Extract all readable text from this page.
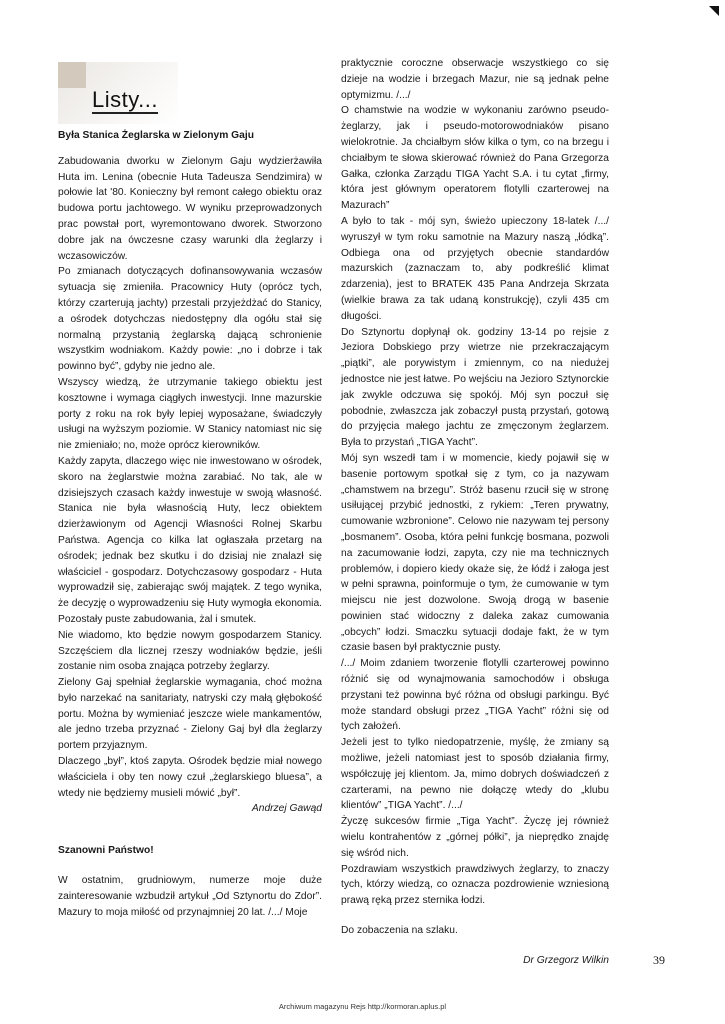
Listy...

Była Stanica Żeglarska w Zielonym Gaju

Zabudowania dworku w Zielonym Gaju wydzierżawiła Huta im. Lenina (obecnie Huta Tadeusza Sendzimira) w połowie lat '80. Konieczny był remont całego obiektu oraz budowa portu jachtowego. W wyniku przeprowadzonych prac powstał port, wyremontowano dworek. Stworzono dobre jak na ówczesne czasy warunki dla żeglarzy i wczasowiczów.

Po zmianach dotyczących dofinansowywania wczasów sytuacja się zmieniła. Pracownicy Huty (oprócz tych, którzy czarterują jachty) przestali przyjeżdżać do Stanicy, a ośrodek dotychczas niedostępny dla ogółu stał się normalną przystanią żeglarską dającą schronienie wszystkim wodniakom. Każdy powie: „no i dobrze i tak powinno być”, gdyby nie jedno ale.

Wszyscy wiedzą, że utrzymanie takiego obiektu jest kosztowne i wymaga ciągłych inwestycji. Inne mazurskie porty z roku na rok były lepiej wyposażane, świadczyły usługi na wyższym poziomie. W Stanicy natomiast nic się nie zmieniało; no, może oprócz kierowników.

Każdy zapyta, dlaczego więc nie inwestowano w ośrodek, skoro na żeglarstwie można zarabiać. No tak, ale w dzisiejszych czasach każdy inwestuje w swoją własność. Stanica nie była własnością Huty, lecz obiektem dzierżawionym od Agencji Własności Rolnej Skarbu Państwa. Agencja co kilka lat ogłaszała przetarg na ośrodek; jednak bez skutku i do dzisiaj nie znalazł się właściciel - gospodarz. Dotychczasowy gospodarz - Huta wyprowadził się, zabierając swój majątek. Z tego wynika, że decyzję o wyprowadzeniu się Huty wymogła ekonomia. Pozostały puste zabudowania, żal i smutek.

Nie wiadomo, kto będzie nowym gospodarzem Stanicy. Szczęściem dla licznej rzeszy wodniaków będzie, jeśli zostanie nim osoba znająca potrzeby żeglarzy.

Zielony Gaj spełniał żeglarskie wymagania, choć można było narzekać na sanitariaty, natryski czy małą głębokość portu. Można by wymieniać jeszcze wiele mankamentów, ale jedno trzeba przyznać - Zielony Gaj był dla żeglarzy portem przyjaznym.

Dlaczego „był”, ktoś zapyta. Ośrodek będzie miał nowego właściciela i oby ten nowy czuł „żeglarskiego bluesa”, a wtedy nie będziemy musieli mówić „był”.

Andrzej Gawąd

Szanowni Państwo!

W ostatnim, grudniowym, numerze moje duże zainteresowanie wzbudził artykuł „Od Sztynortu do Zdor”. Mazury to moja miłość od przynajmniej 20 lat. /.../ Moje

praktycznie coroczne obserwacje wszystkiego co się dzieje na wodzie i brzegach Mazur, nie są jednak pełne optymizmu. /.../

O chamstwie na wodzie w wykonaniu zarówno pseudo-żeglarzy, jak i pseudo-motorowodniaków pisano wielokrotnie. Ja chciałbym słów kilka o tym, co na brzegu i chciałbym te słowa skierować również do Pana Grzegorza Gałka, członka Zarządu TIGA Yacht S.A. i tu cytat „firmy, która jest głównym operatorem flotylli czarterowej na Mazurach”

A było to tak - mój syn, świeżo upieczony 18-latek /.../ wyruszył w tym roku samotnie na Mazury naszą „łódką”. Odbiega ona od przyjętych obecnie standardów mazurskich (zaznaczam to, aby podkreślić klimat zdarzenia), jest to BRATEK 435 Pana Andrzeja Skrzata (wielkie brawa za tak udaną konstrukcję), czyli 435 cm długości.

Do Sztynortu dopłynął ok. godziny 13-14 po rejsie z Jeziora Dobskiego przy wietrze nie przekraczającym „piątki”, ale porywistym i zmiennym, co na niedużej jednostce nie jest łatwe. Po wejściu na Jezioro Sztynorckie jak zwykle odczuwa się spokój. Mój syn poczuł się pobodnie, zwłaszcza jak zobaczył pustą przystań, gotową do przyjęcia małego jachtu ze zmęczonym żeglarzem. Była to przystań „TIGA Yacht”.

Mój syn wszedł tam i w momencie, kiedy pojawił się w basenie portowym spotkał się z tym, co ja nazywam „chamstwem na brzegu”. Stróż basenu rzucił się w stronę usiłującej przybić jednostki, z rykiem: „Teren prywatny, cumowanie wzbronione”. Celowo nie nazywam tej persony „bosmanem”. Osoba, która pełni funkcję bosmana, pozwoli na zacumowanie łodzi, zapyta, czy nie ma technicznych problemów, i dopiero kiedy okaże się, że łódź i załoga jest w pełni sprawna, poinformuje o tym, że cumowanie w tym miejscu nie jest dozwolone. Swoją drogą w basenie powinien stać widoczny z daleka zakaz cumowania „obcych” łodzi. Smaczku sytuacji dodaje fakt, że w tym czasie basen był praktycznie pusty.

/.../ Moim zdaniem tworzenie flotylli czarterowej powinno różnić się od wynajmowania samochodów i obsługa przystani też powinna być różna od obsługi parkingu. Być może standard obsługi przez „TIGA Yacht” różni się od tych założeń.

Jeżeli jest to tylko niedopatrzenie, myślę, że zmiany są możliwe, jeżeli natomiast jest to sposób działania firmy, współczuję jej klientom. Ja, mimo dobrych doświadczeń z czarterami, na pewno nie dołączę wtedy do „klubu klientów” „TIGA Yacht”. /.../

Życzę sukcesów firmie „Tiga Yacht”. Życzę jej również wielu kontrahentów z „górnej półki”, ja nieprędko znajdę się wśród nich.

Pozdrawiam wszystkich prawdziwych żeglarzy, to znaczy tych, którzy wiedzą, co oznacza pozdrowienie wzniesioną prawą ręką przez sternika łodzi.

Do zobaczenia na szlaku.

Dr Grzegorz Wilkin	39
Archiwum magazynu Rejs http://kormoran.aplus.pl
